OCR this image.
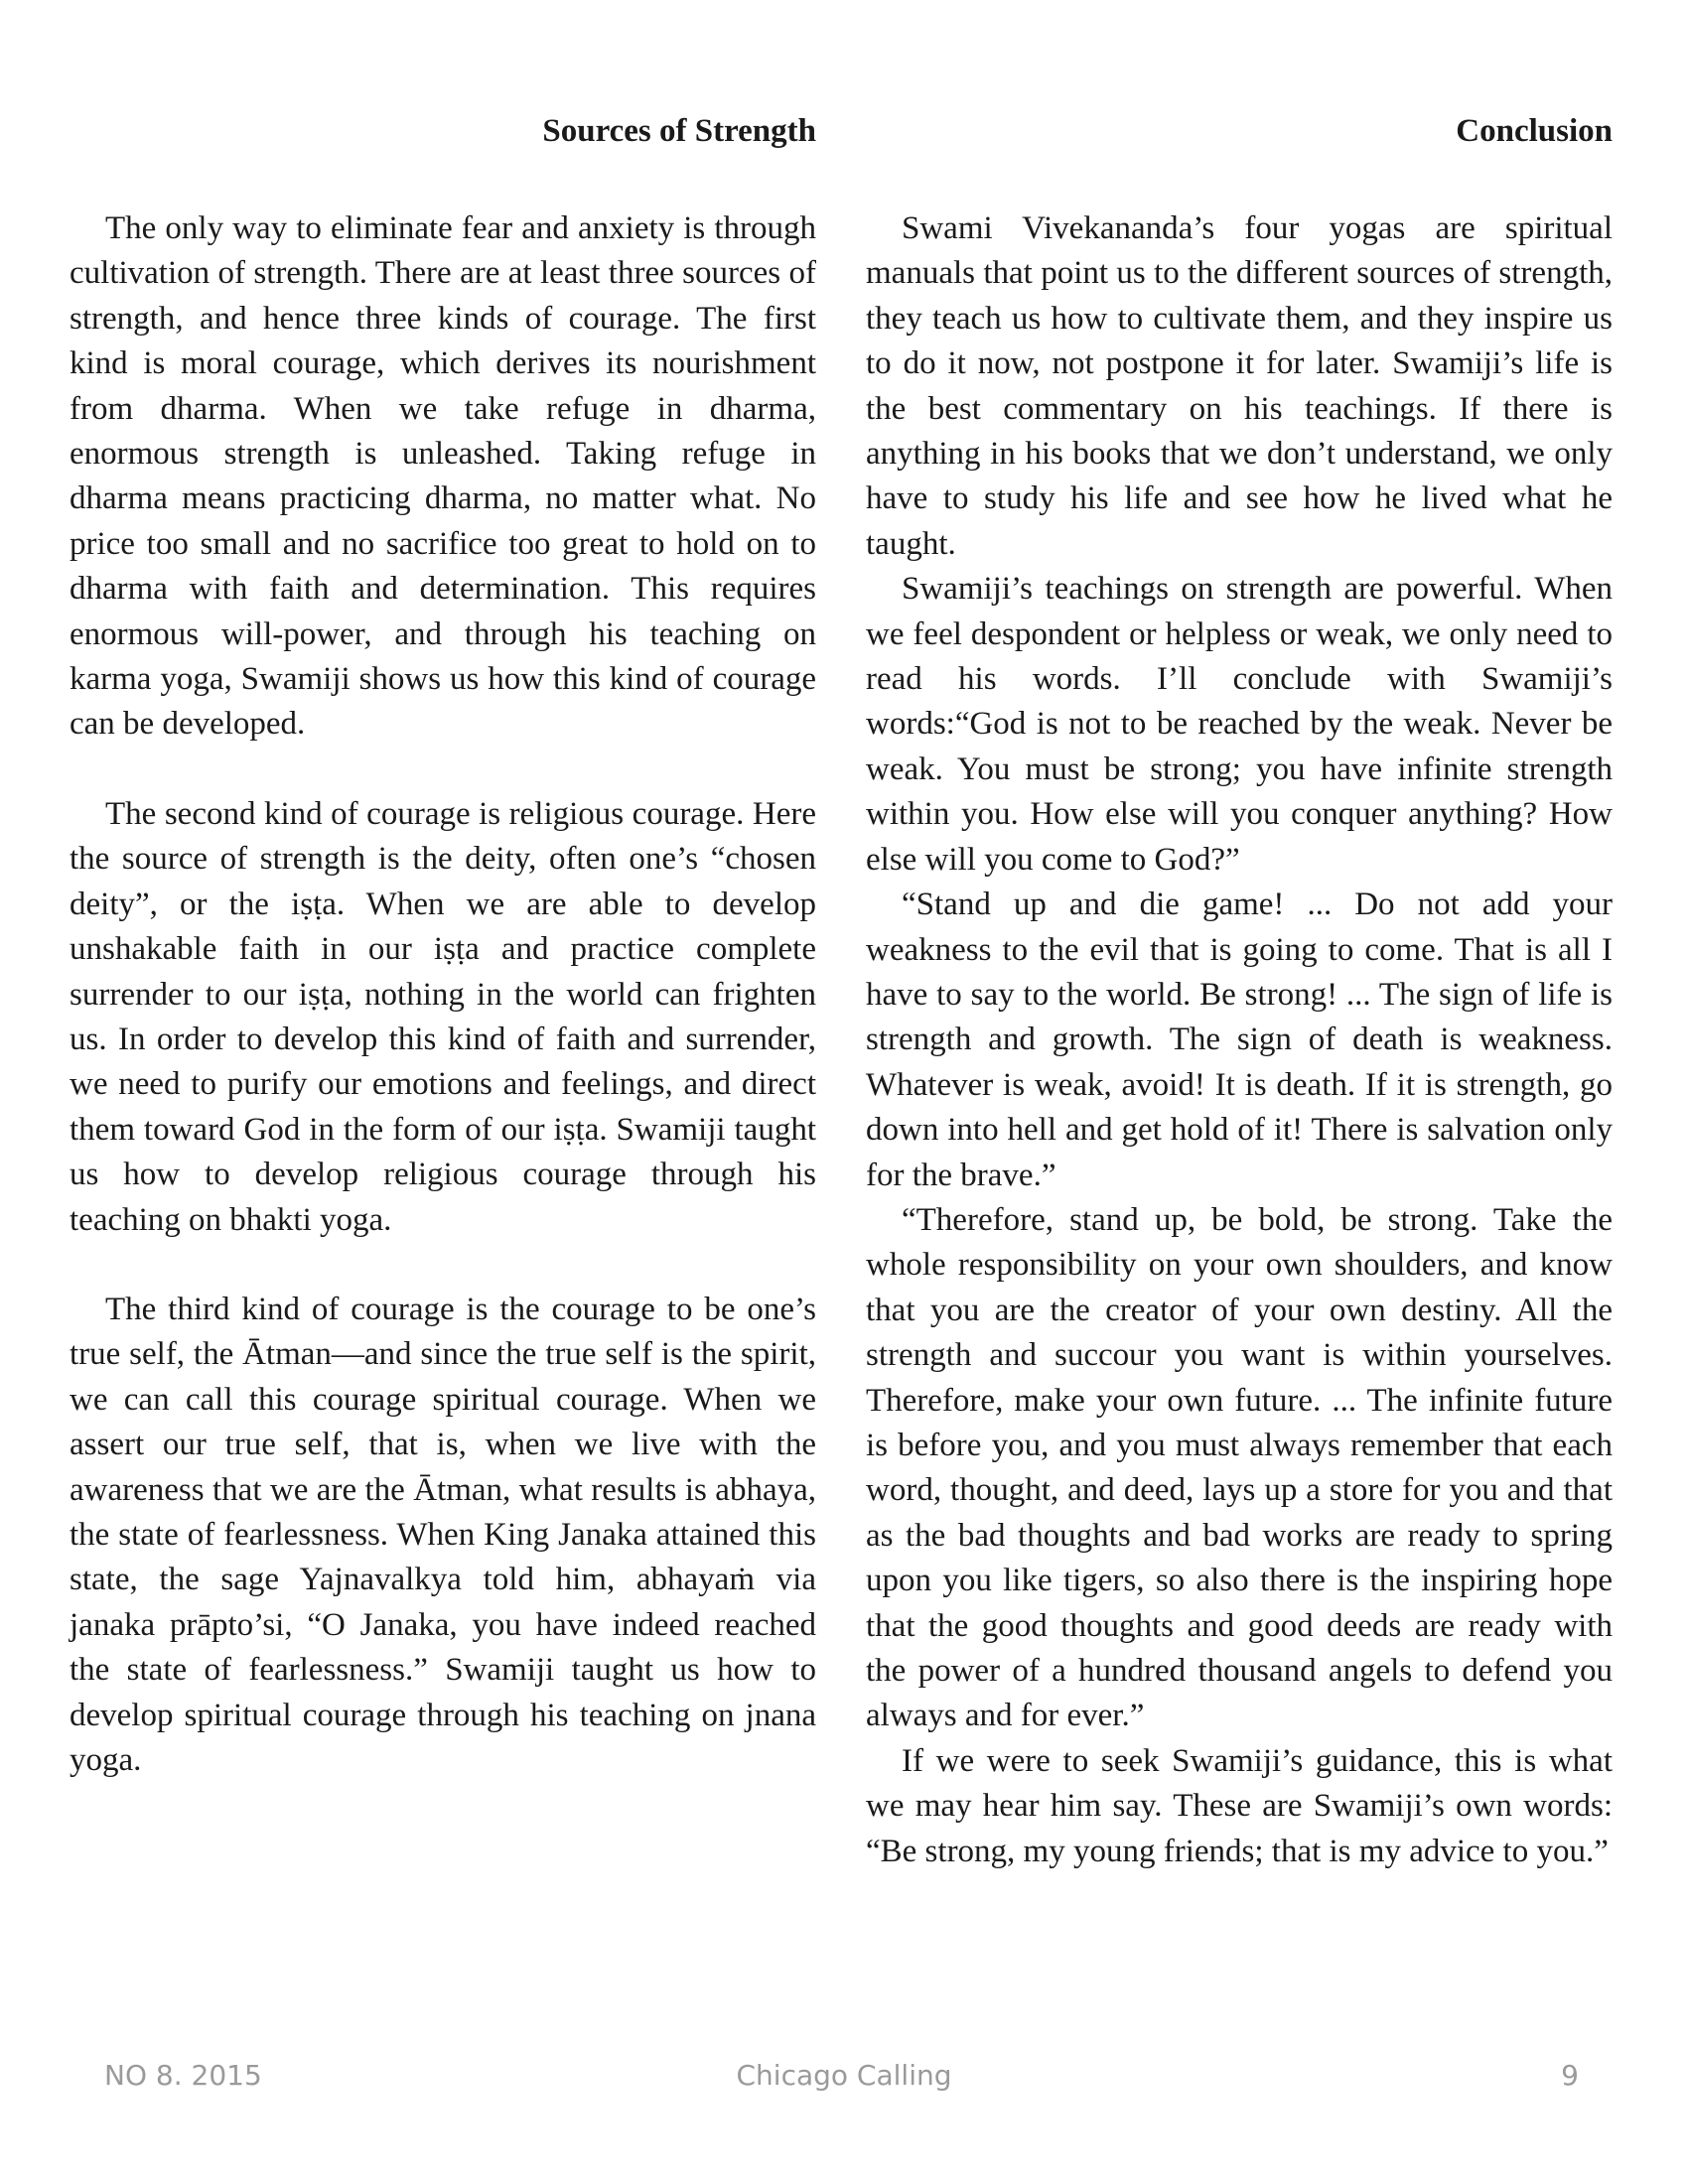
Sources of Strength

The only way to eliminate fear and anxiety is through cultivation of strength. There are at least three sources of strength, and hence three kinds of courage. The first kind is moral courage, which derives its nourishment from dharma. When we take refuge in dharma, enormous strength is unleashed. Taking refuge in dharma means practicing dharma, no matter what. No price too small and no sacrifice too great to hold on to dharma with faith and determination. This requires enormous will-power, and through his teaching on karma yoga, Swamiji shows us how this kind of courage can be developed.

The second kind of courage is religious courage. Here the source of strength is the deity, often one’s “chosen deity”, or the iṣṭa. When we are able to develop unshakable faith in our iṣṭa and practice complete surrender to our iṣṭa, nothing in the world can frighten us. In order to develop this kind of faith and surrender, we need to purify our emotions and feelings, and direct them toward God in the form of our iṣṭa. Swamiji taught us how to develop religious courage through his teaching on bhakti yoga.

The third kind of courage is the courage to be one’s true self, the Ātman—and since the true self is the spirit, we can call this courage spiritual courage. When we assert our true self, that is, when we live with the awareness that we are the Ātman, what results is abhaya, the state of fearlessness. When King Janaka attained this state, the sage Yajnavalkya told him, abhayaṁ via janaka prāpto’si, “O Janaka, you have indeed reached the state of fearlessness.” Swamiji taught us how to develop spiritual courage through his teaching on jnana yoga.

Conclusion

Swami Vivekananda’s four yogas are spiritual manuals that point us to the different sources of strength, they teach us how to cultivate them, and they inspire us to do it now, not postpone it for later. Swamiji’s life is the best commentary on his teachings. If there is anything in his books that we don’t understand, we only have to study his life and see how he lived what he taught.

Swamiji’s teachings on strength are powerful. When we feel despondent or helpless or weak, we only need to read his words. I’ll conclude with Swamiji’s words:“God is not to be reached by the weak. Never be weak. You must be strong; you have infinite strength within you. How else will you conquer anything? How else will you come to God?”

“Stand up and die game! ... Do not add your weakness to the evil that is going to come. That is all I have to say to the world. Be strong! ... The sign of life is strength and growth. The sign of death is weakness. Whatever is weak, avoid! It is death. If it is strength, go down into hell and get hold of it! There is salvation only for the brave.”

“Therefore, stand up, be bold, be strong. Take the whole responsibility on your own shoulders, and know that you are the creator of your own destiny. All the strength and succour you want is within yourselves. Therefore, make your own future. ... The infinite future is before you, and you must always remember that each word, thought, and deed, lays up a store for you and that as the bad thoughts and bad works are ready to spring upon you like tigers, so also there is the inspiring hope that the good thoughts and good deeds are ready with the power of a hundred thousand angels to defend you always and for ever.”

If we were to seek Swamiji’s guidance, this is what we may hear him say. These are Swamiji’s own words: “Be strong, my young friends; that is my advice to you.”

Chicago Calling
NO 8. 2015	9
